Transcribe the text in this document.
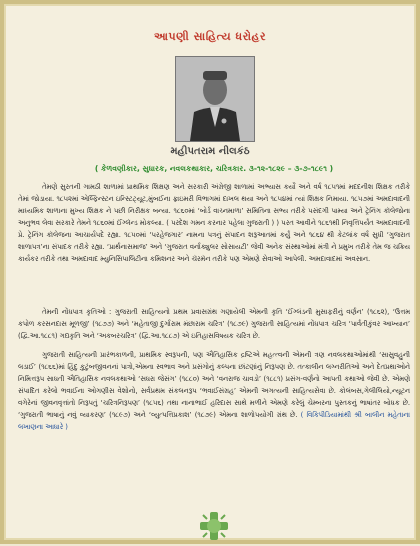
આપણી સાહિત્ય ધરોહર
મહીપતરામ નીલકંઠ
( કેળવણીકાર, સુધારક, નવલકથાકાર, ચરિત્રકાર. ૩-૧૨-૧૮૨૯ – ૩-૭-૧૮૯૧ )

તેમણે સુરતની ગામઠી શાળામાં પ્રાથમિક શિક્ષણ અને સરકારી અંગ્રેજી શાળામાં અભ્યાસ કર્યો અને વર્ષ ૧૮૫૧માં મદદનીશ શિક્ષક તરીકે તેમાં જોડાયા. ૧૮૫૨માં એલ્ફિન્સ્ટન ઇન્સ્ટિટ્યૂટ,મુંબઈના ફ્રાઇમરી વિભાગમાં દાખલ થયા અને ૧૮૫૪માં ત્યાં શિક્ષક નિમાયા. ૧૮૫૭માં અમદાવાદની માધ્યમિક શાળાના મુખ્ય શિક્ષક ને પછી નિરીક્ષક બન્યા. ૧૮૬૦માં ‘બોર્ડ વાચ્નમાળા’ સમિતિના સભ્ય તરીકે પસંદગી પામ્યા અને ટ્રેનિંગ કૉલેજોના અનુભવ લેવા સરકારે તેમને ૧૮૬૦માં ઈંગ્લૅન્ડ મોકલ્યા. ( પરદેશ ગમન કરનાર પહેલા ગુજરાતી ) ) પરત આવીને ૧૮૬૧થી નિવૃત્તિપર્યંત અમદાવાદની પ્રે. ટ્રેનિંગ કૉલેજના આચાર્યપદે રહ્યા. ૧૮૫૦માં ‘પરહેજગાર’ નામના પત્રનું સંપાદન શરૂઆતમાં કર્યું અને ૧૮૬૪ થી કેટલાંક વર્ષ સુધી ‘ગુજરાત શાળાપત્ર’ના સંપાદક તરીકે રહ્યા. ‘પ્રાર્થનાસમાજ’ અને ‘ગુજરાત વર્નાક્યુલર સોસાયટી’ જેવી અનેક સંસ્થાઓમાં મંત્રી ને પ્રમુખ તરીકે તેમ જ ચક્રિય કાર્યકર તરીકે તથા અમદાવાદ મ્યુનિસિપાલિટીના કમિશનર અને ચૅરમૅન તરીકે પણ એમણે સેવાઓ આપેલી. અમદાવાદમાં અવસાન.

તેમની નોંધપાત્ર કૃતિઓ : ગુજરાતી સાહિત્યનો પ્રથમ પ્રવાસગ્રંથ ગણાયેલી એમની કૃતિ ‘ઈંગ્લંડની મુસાફરીનું વર્ણન’ (૧૮૬૨), ‘ઉત્તમ કપોળ કરસનદાસ મૂળજી’ (૧૮૭૭) અને ‘મહેતાજી દુર્ગારામ મંછારામ ચરિત્ર’ (૧૮૭૯) ગુજરાતી સાહિત્યમાં નોંધપાત્ર ચરિત્ર ‘પાર્વતીકુંવર આખ્યાન’ (દ્વિ.આ.૧૮૮૧) ગદ્યકૃતિ અને ‘અકબરચરિત્ર’ (દ્વિ.આ.૧૮૮૭) એ ઇતિહાસવિષયક ચરિત્ર છે.

ગુજરાતી સાહિત્યની પ્રારંભકાળની, પ્રાથમિક સ્વરૂપની, પણ ઐતિહાસિક દ્રષ્ટિએ મહત્ત્વની એમની ત્રણ નવલકથાઓમાંથી ‘સાસુવહુની લડાઈ’ (૧૮૬૬)માં હિંદુ કુટુંબજીવનનાં પાત્રો,એમના સ્વભાવ અને પ્રસંગોનું કલ્પના છાંટણાંનું નિરૂપણ છે. તત્કાલીન લગ્નરીતિઓ અને દેતપ્રથાઓને નિમિત્તરૂપ સાધતી ઐતિહાસિક નવલકથાઓ ‘સધરા જેસંગ’ (૧૮૮૦) અને ‘વનરાજ ચાવડો’ (૧૮૮૧) પ્રસંગ-વર્ણનો આપતી કથાઓ જેવી છે. એમણે સંપાદિત કરેલો ભવાઈના ઓગણીસ વેશોનો, સર્વપ્રથમ સંકલનરૂપ ‘ભવાઈસંગ્રહ’ એમની અગત્યની સાહિત્યસેવા છે. કોલંબસ,ગેલીલિયો,ન્યૂટન વગેરેનાં જીવનવૃત્તાંતો નિરૂપતું ‘ચરિત્રનિરૂપણ’ (૧૮૫૬) તથા નાનાભાઈ હરિદાસ સાથે મળીને એમણે કરેલું ચેમ્બરના પુસ્તકનું ભાષાંતર બોધક છે. ‘ગુજરાતી ભાષાનું નવું વ્યાકરણ’ (૧૮૯૭) અને ‘વ્યુત્પત્તિપ્રકાશ’ (૧૮૭૯) એમના શાળોપયોગી ગ્રંથ છે. ( વિકિપીડિયામાંથી શ્રી બાલીન મહેતાના લખાણના આધારે )
